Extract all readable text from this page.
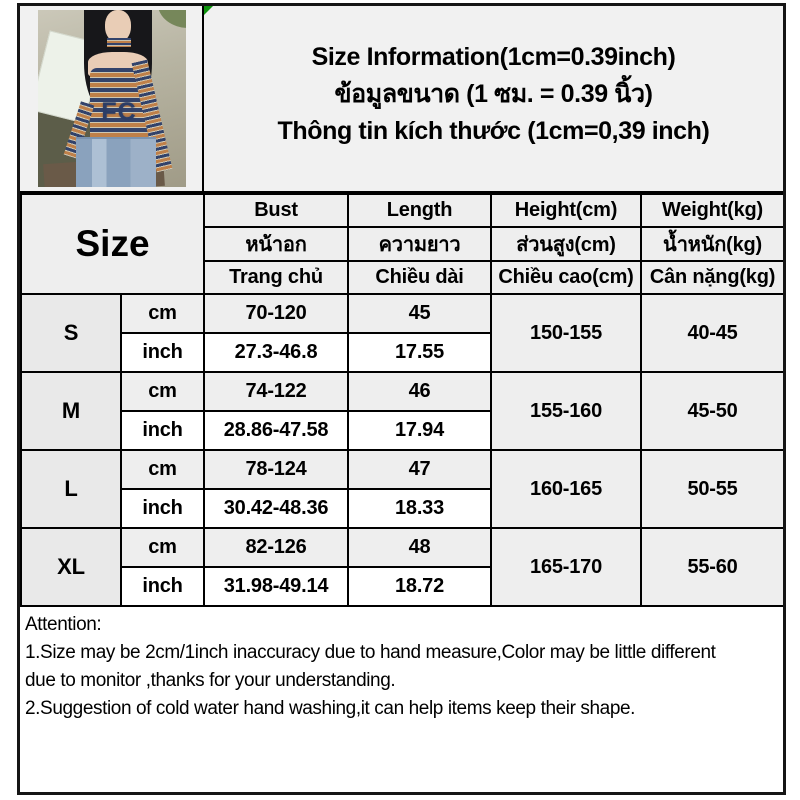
FC
Size Information(1cm=0.39inch)
ข้อมูลขนาด (1 ซม. = 0.39 นิ้ว)
Thông tin kích thước (1cm=0,39 inch)
Size		Bust	Length	Height(cm)	Weight(kg)
		หน้าอก	ความยาว	ส่วนสูง(cm)	น้ำหนัก(kg)
		Trang chủ	Chiều dài	Chiều cao(cm)	Cân nặng(kg)
S	cm	70-120	45	150-155	40-45
	inch	27.3-46.8	17.55		
M	cm	74-122	46	155-160	45-50
	inch	28.86-47.58	17.94		
L	cm	78-124	47	160-165	50-55
	inch	30.42-48.36	18.33		
XL	cm	82-126	48	165-170	55-60
	inch	31.98-49.14	18.72		
Attention:
1.Size may be 2cm/1inch inaccuracy due to hand measure,Color may be little different
due to monitor ,thanks for your understanding.
2.Suggestion of cold water hand washing,it can help items keep their shape.
